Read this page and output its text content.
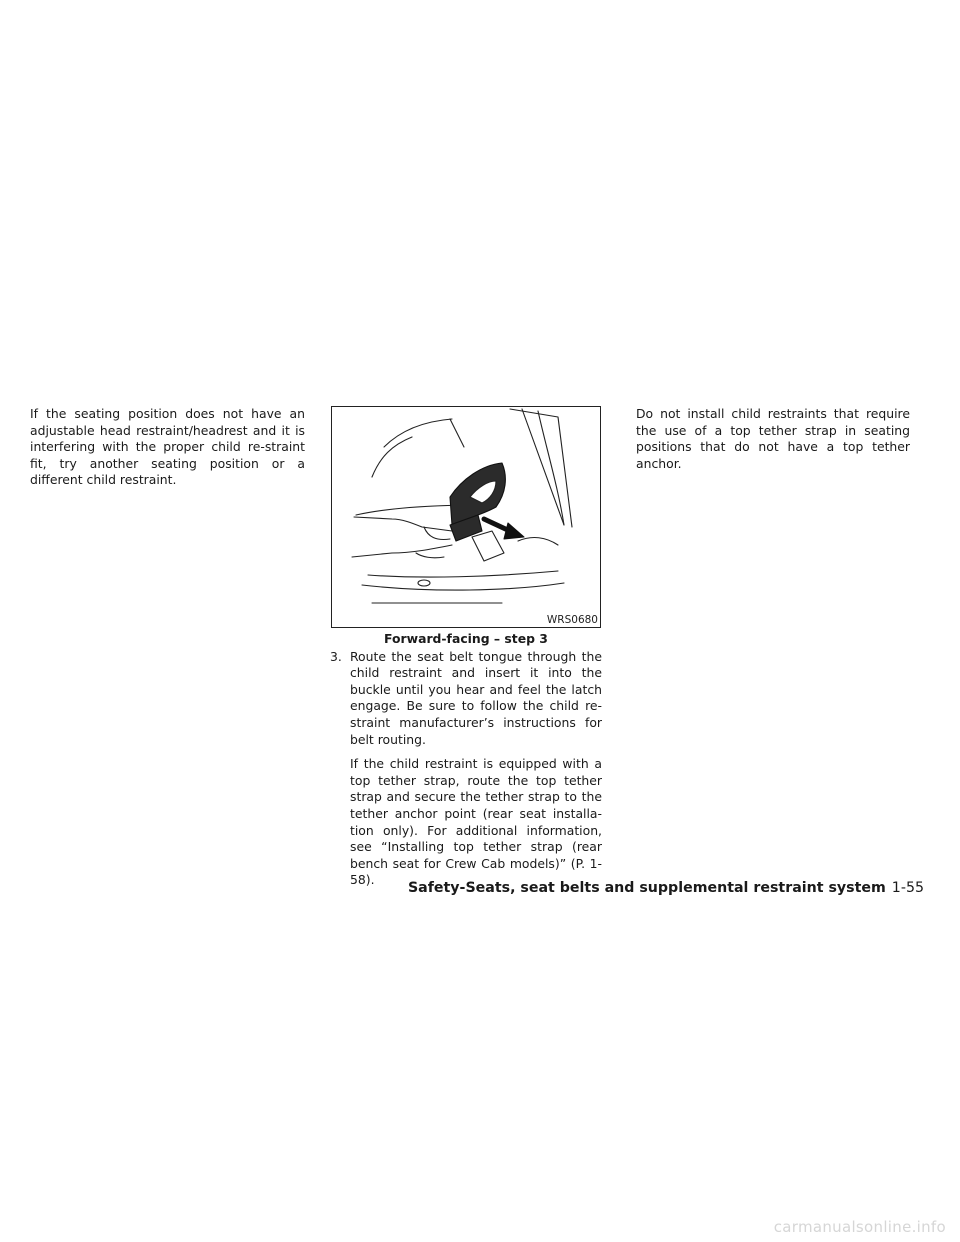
If the seating position does not have an adjustable head restraint/headrest and it is interfering with the proper child re-straint fit, try another seating position or a different child restraint.

WRS0680
Forward-facing – step 3
3. Route the seat belt tongue through the child restraint and insert it into the buckle until you hear and feel the latch engage. Be sure to follow the child re-straint manufacturer’s instructions for belt routing.

If the child restraint is equipped with a top tether strap, route the top tether strap and secure the tether strap to the tether anchor point (rear seat installa-tion only). For additional information, see “Installing top tether strap (rear bench seat for Crew Cab models)” (P. 1-58).

Do not install child restraints that require the use of a top tether strap in seating positions that do not have a top tether anchor.

Safety-Seats, seat belts and supplemental restraint system 1-55
carmanualsonline.info
